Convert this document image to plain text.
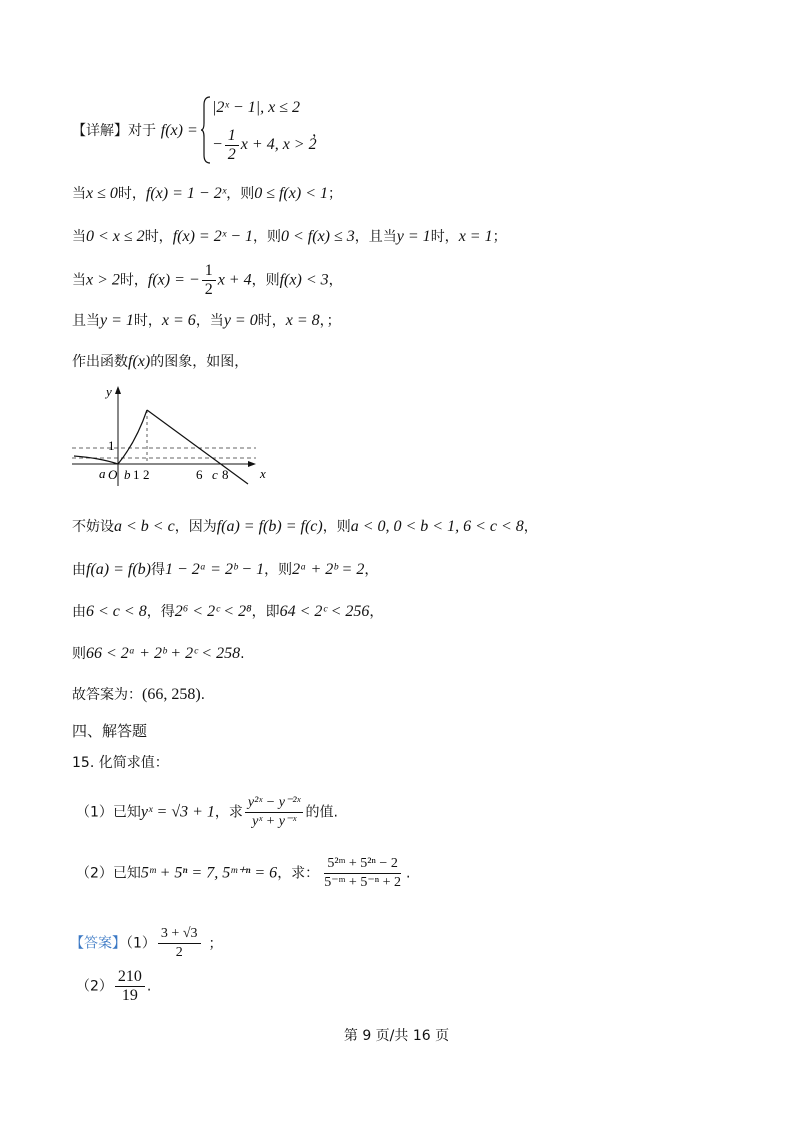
【详解】对于 f(x) =
|2ˣ − 1|, x ≤ 2
− $\frac{1}{2}$ x + 4, x > 2
，
当x ≤ 0时，f(x) = 1 − 2ˣ，则0 ≤ f(x) < 1；
当0 < x ≤ 2时，f(x) = 2ˣ − 1，则0 < f(x) ≤ 3，且当y = 1时，x = 1；
当x > 2时，f(x) = − $\frac{1}{2}$ x + 4，则f(x) < 3，
且当y = 1时，x = 6，当y = 0时，x = 8，；
作出函数f(x)的图象，如图，
y
x
1
O
a b 1 2	6 c 8
不妨设a < b < c，因为f(a) = f(b) = f(c)，则a < 0, 0 < b < 1, 6 < c < 8，
由f(a) = f(b)得1 − 2ᵃ = 2ᵇ − 1，则2ᵃ + 2ᵇ = 2，
由6 < c < 8，得2⁶ < 2ᶜ < 2⁸，即64 < 2ᶜ < 256，
则66 < 2ᵃ + 2ᵇ + 2ᶜ < 258.
故答案为：(66, 258).
四、解答题
15. 化简求值：
（1）已知yˣ = √3 + 1，求 $\frac{\text{y²ˣ − y⁻²ˣ}}{\text{yˣ + y⁻ˣ}}$ 的值.
（2）已知5ᵐ + 5ⁿ = 7, 5ᵐ⁺ⁿ = 6，求： $\frac{\text{5²ᵐ + 5²ⁿ − 2}}{\text{5⁻ᵐ + 5⁻ⁿ + 2}}$ .
【答案】$(1) \frac{3 + √3}{2}$ ；
$(2) \frac{210}{19}$ .
第 9 页/共 16 页
